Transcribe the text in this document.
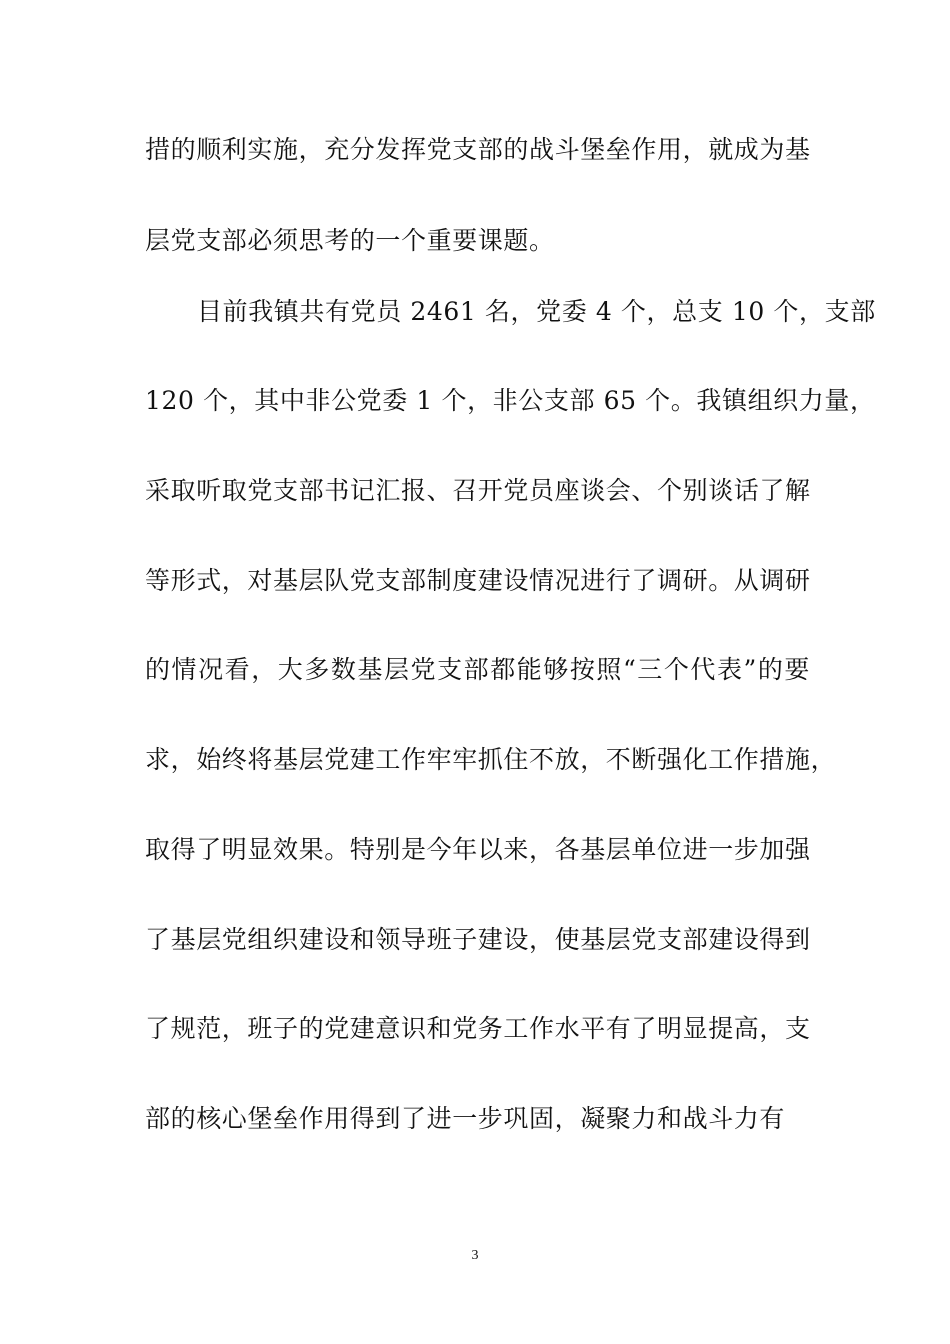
措的顺利实施，充分发挥党支部的战斗堡垒作用，就成为基
层党支部必须思考的一个重要课题。
目前我镇共有党员 2461 名，党委 4 个，总支 10 个，支部
120 个，其中非公党委 1 个，非公支部 65 个。我镇组织力量，
采取听取党支部书记汇报、召开党员座谈会、个别谈话了解
等形式，对基层队党支部制度建设情况进行了调研。从调研
的情况看，大多数基层党支部都能够按照“三个代表”的要
求，始终将基层党建工作牢牢抓住不放，不断强化工作措施，
取得了明显效果。特别是今年以来，各基层单位进一步加强
了基层党组织建设和领导班子建设，使基层党支部建设得到
了规范，班子的党建意识和党务工作水平有了明显提高，支
部的核心堡垒作用得到了进一步巩固，凝聚力和战斗力有
3
